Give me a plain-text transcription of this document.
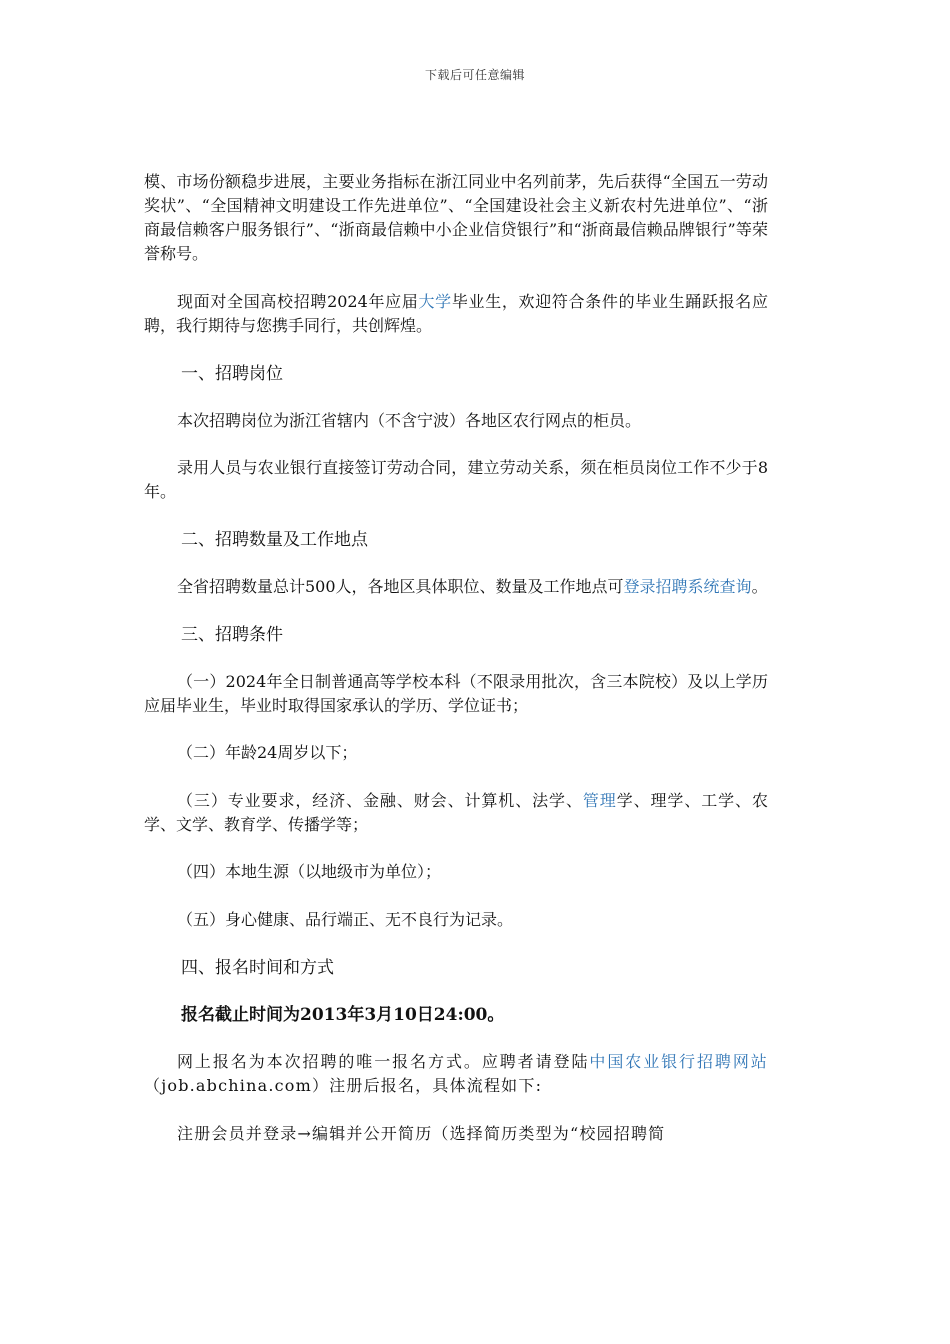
下载后可任意编辑

模、市场份额稳步进展，主要业务指标在浙江同业中名列前茅，先后获得“全国五一劳动奖状”、“全国精神文明建设工作先进单位”、“全国建设社会主义新农村先进单位”、“浙商最信赖客户服务银行”、“浙商最信赖中小企业信贷银行”和“浙商最信赖品牌银行”等荣誉称号。

现面对全国高校招聘2024年应届大学毕业生，欢迎符合条件的毕业生踊跃报名应聘，我行期待与您携手同行，共创辉煌。

一、招聘岗位

本次招聘岗位为浙江省辖内（不含宁波）各地区农行网点的柜员。

录用人员与农业银行直接签订劳动合同，建立劳动关系，须在柜员岗位工作不少于8年。

二、招聘数量及工作地点

全省招聘数量总计500人，各地区具体职位、数量及工作地点可登录招聘系统查询。

三、招聘条件

（一）2024年全日制普通高等学校本科（不限录用批次，含三本院校）及以上学历应届毕业生，毕业时取得国家承认的学历、学位证书；

（二）年龄24周岁以下；

（三）专业要求，经济、金融、财会、计算机、法学、管理学、理学、工学、农学、文学、教育学、传播学等；

（四）本地生源（以地级市为单位）；

（五）身心健康、品行端正、无不良行为记录。

四、报名时间和方式

报名截止时间为2013年3月10日24:00。

网上报名为本次招聘的唯一报名方式。应聘者请登陆中国农业银行招聘网站（job.abchina.com）注册后报名，具体流程如下:

注册会员并登录→编辑并公开简历（选择简历类型为“校园招聘简
